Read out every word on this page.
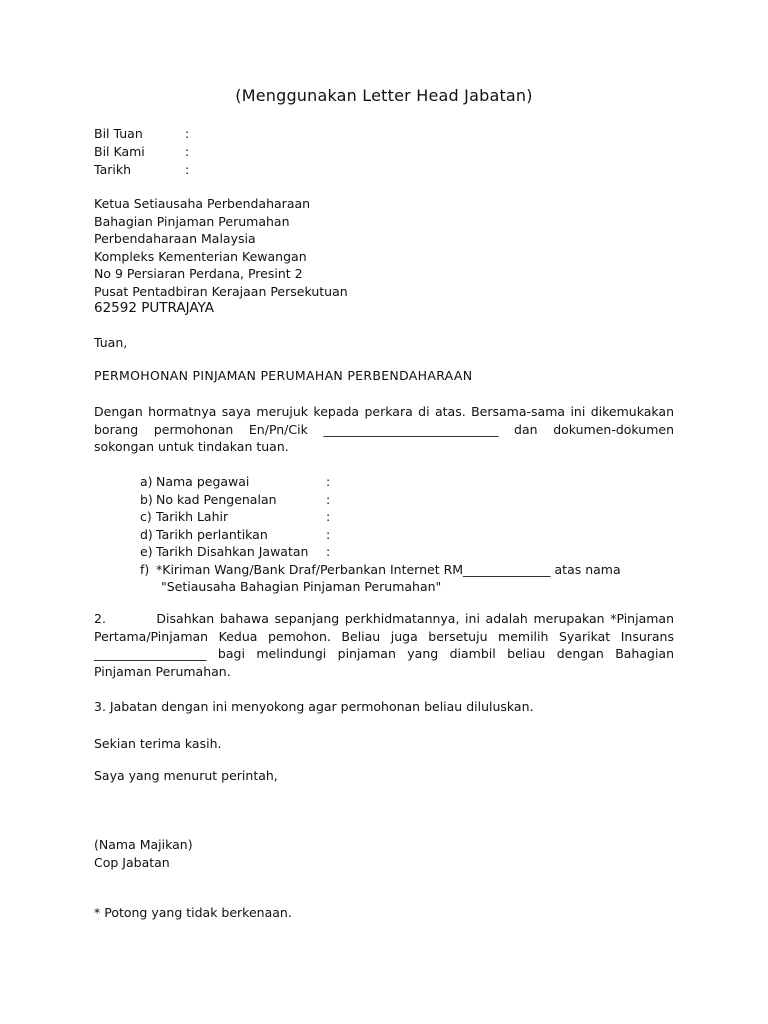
(Menggunakan Letter Head Jabatan)
Bil Tuan	:
Bil Kami	:
Tarikh	:
Ketua Setiausaha Perbendaharaan
Bahagian Pinjaman Perumahan
Perbendaharaan Malaysia
Kompleks Kementerian Kewangan
No 9 Persiaran Perdana, Presint 2
Pusat Pentadbiran Kerajaan Persekutuan
62592 PUTRAJAYA
Tuan,
PERMOHONAN PINJAMAN PERUMAHAN PERBENDAHARAAN
Dengan hormatnya saya merujuk kepada perkara di atas. Bersama-sama ini dikemukakan borang permohonan En/Pn/Cik ____________________________ dan dokumen-dokumen sokongan untuk tindakan tuan.
a) Nama pegawai	:
b) No kad Pengenalan	:
c) Tarikh Lahir	:
d) Tarikh perlantikan	:
e) Tarikh Disahkan Jawatan	:
f) *Kiriman Wang/Bank Draf/Perbankan Internet RM______________ atas nama
"Setiausaha Bahagian Pinjaman Perumahan"
2.         Disahkan bahawa sepanjang perkhidmatannya, ini adalah merupakan *Pinjaman Pertama/Pinjaman Kedua pemohon. Beliau juga bersetuju memilih Syarikat Insurans __________________ bagi melindungi pinjaman yang diambil beliau dengan Bahagian Pinjaman Perumahan.
3. Jabatan dengan ini menyokong agar permohonan beliau diluluskan.
Sekian terima kasih.
Saya yang menurut perintah,
(Nama Majikan)
Cop Jabatan
* Potong yang tidak berkenaan.
